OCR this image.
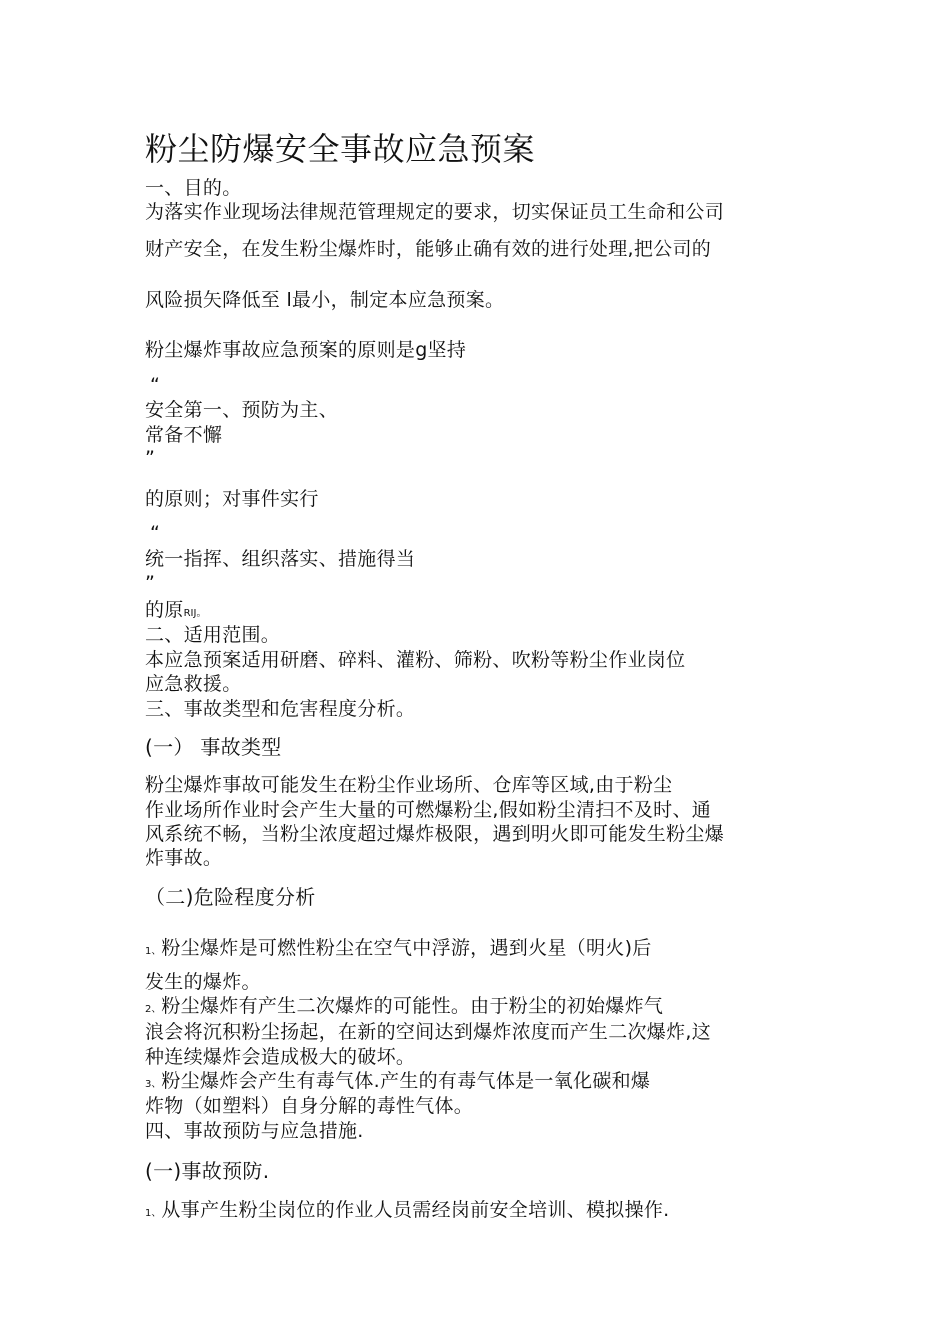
粉尘防爆安全事故应急预案
一、目的。
为落实作业现场法律规范管理规定的要求，切实保证员工生命和公司
财产安全，在发生粉尘爆炸时，能够止确有效的进行处理,把公司的
风险损矢降低至 l最小，制定本应急预案。
粉尘爆炸事故应急预案的原则是g坚持
“
安全第一、预防为主、
常备不懈
”
的原则；对事件实行
“
统一指挥、组织落实、措施得当
”
的原RIJ。
二、适用范围。
本应急预案适用研磨、碎料、灌粉、筛粉、吹粉等粉尘作业岗位
应急救援。
三、事故类型和危害程度分析。
(一） 事故类型
粉尘爆炸事故可能发生在粉尘作业场所、仓库等区域,由于粉尘
作业场所作业时会产生大量的可燃爆粉尘,假如粉尘清扫不及时、通
风系统不畅，当粉尘浓度超过爆炸极限，遇到明火即可能发生粉尘爆
炸事故。
（二)危险程度分析
1、粉尘爆炸是可燃性粉尘在空气中浮游，遇到火星（明火)后
发生的爆炸。
2、粉尘爆炸有产生二次爆炸的可能性。由于粉尘的初始爆炸气
浪会将沉积粉尘扬起，在新的空间达到爆炸浓度而产生二次爆炸,这
种连续爆炸会造成极大的破坏。
3、粉尘爆炸会产生有毒气体.产生的有毒气体是一氧化碳和爆
炸物（如塑料）自身分解的毒性气体。
四、事故预防与应急措施.
(一)事故预防.
1、从事产生粉尘岗位的作业人员需经岗前安全培训、模拟操作.
